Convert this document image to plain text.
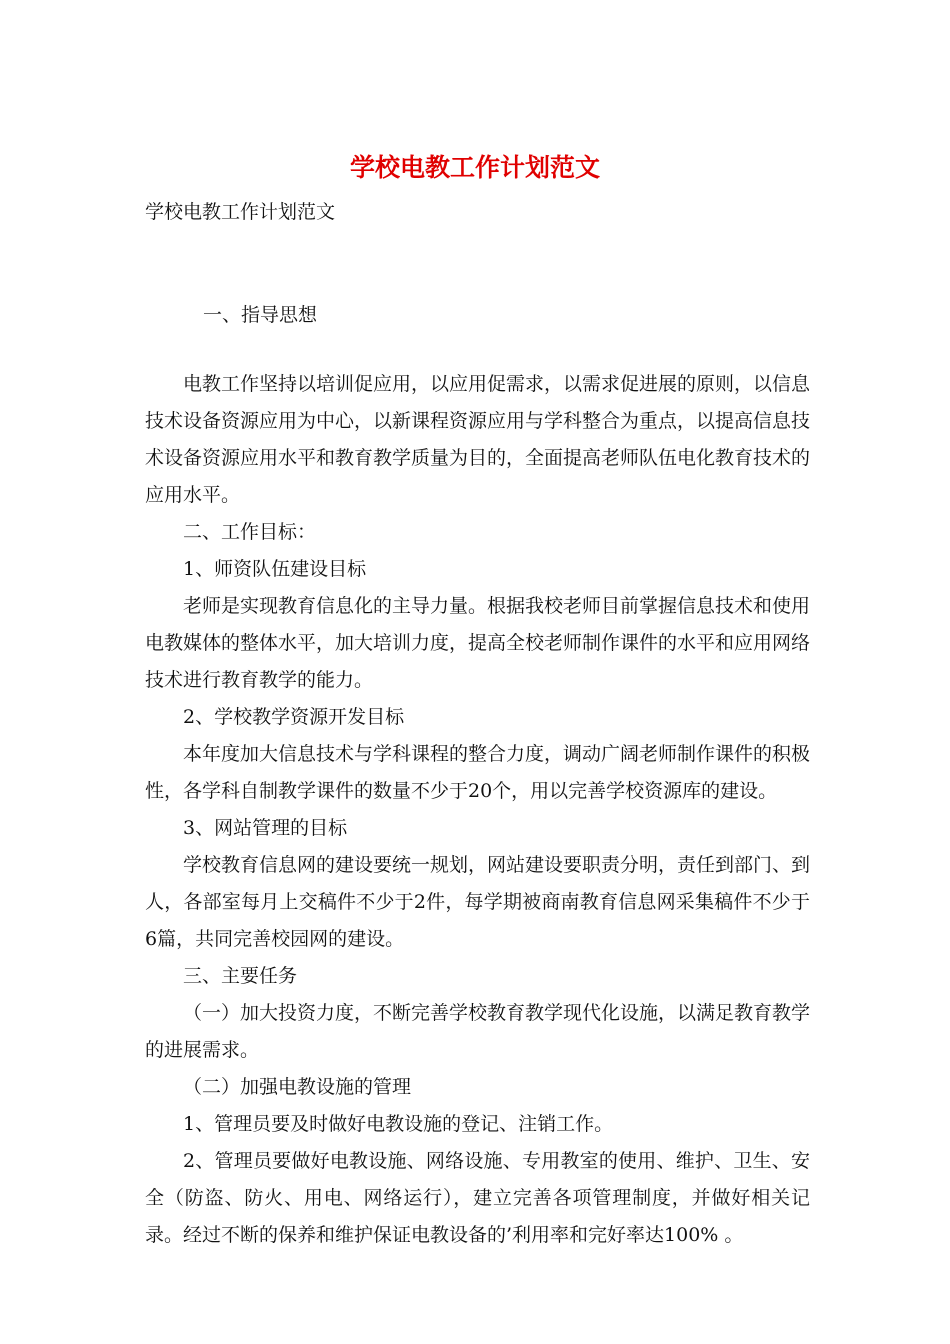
学校电教工作计划范文
学校电教工作计划范文
一、指导思想

电教工作坚持以培训促应用，以应用促需求，以需求促进展的原则，以信息技术设备资源应用为中心，以新课程资源应用与学科整合为重点，以提高信息技术设备资源应用水平和教育教学质量为目的，全面提高老师队伍电化教育技术的应用水平。

二、工作目标：

1、师资队伍建设目标

老师是实现教育信息化的主导力量。根据我校老师目前掌握信息技术和使用电教媒体的整体水平，加大培训力度，提高全校老师制作课件的水平和应用网络技术进行教育教学的能力。

2、学校教学资源开发目标

本年度加大信息技术与学科课程的整合力度，调动广阔老师制作课件的积极性，各学科自制教学课件的数量不少于20个，用以完善学校资源库的建设。

3、网站管理的目标

学校教育信息网的建设要统一规划，网站建设要职责分明，责任到部门、到人，各部室每月上交稿件不少于2件，每学期被商南教育信息网采集稿件不少于6篇，共同完善校园网的建设。

三、主要任务

（一）加大投资力度，不断完善学校教育教学现代化设施，以满足教育教学的进展需求。

（二）加强电教设施的管理

1、管理员要及时做好电教设施的登记、注销工作。

2、管理员要做好电教设施、网络设施、专用教室的使用、维护、卫生、安全（防盗、防火、用电、网络运行），建立完善各项管理制度，并做好相关记录。经过不断的保养和维护保证电教设备的’利用率和完好率达100% 。
